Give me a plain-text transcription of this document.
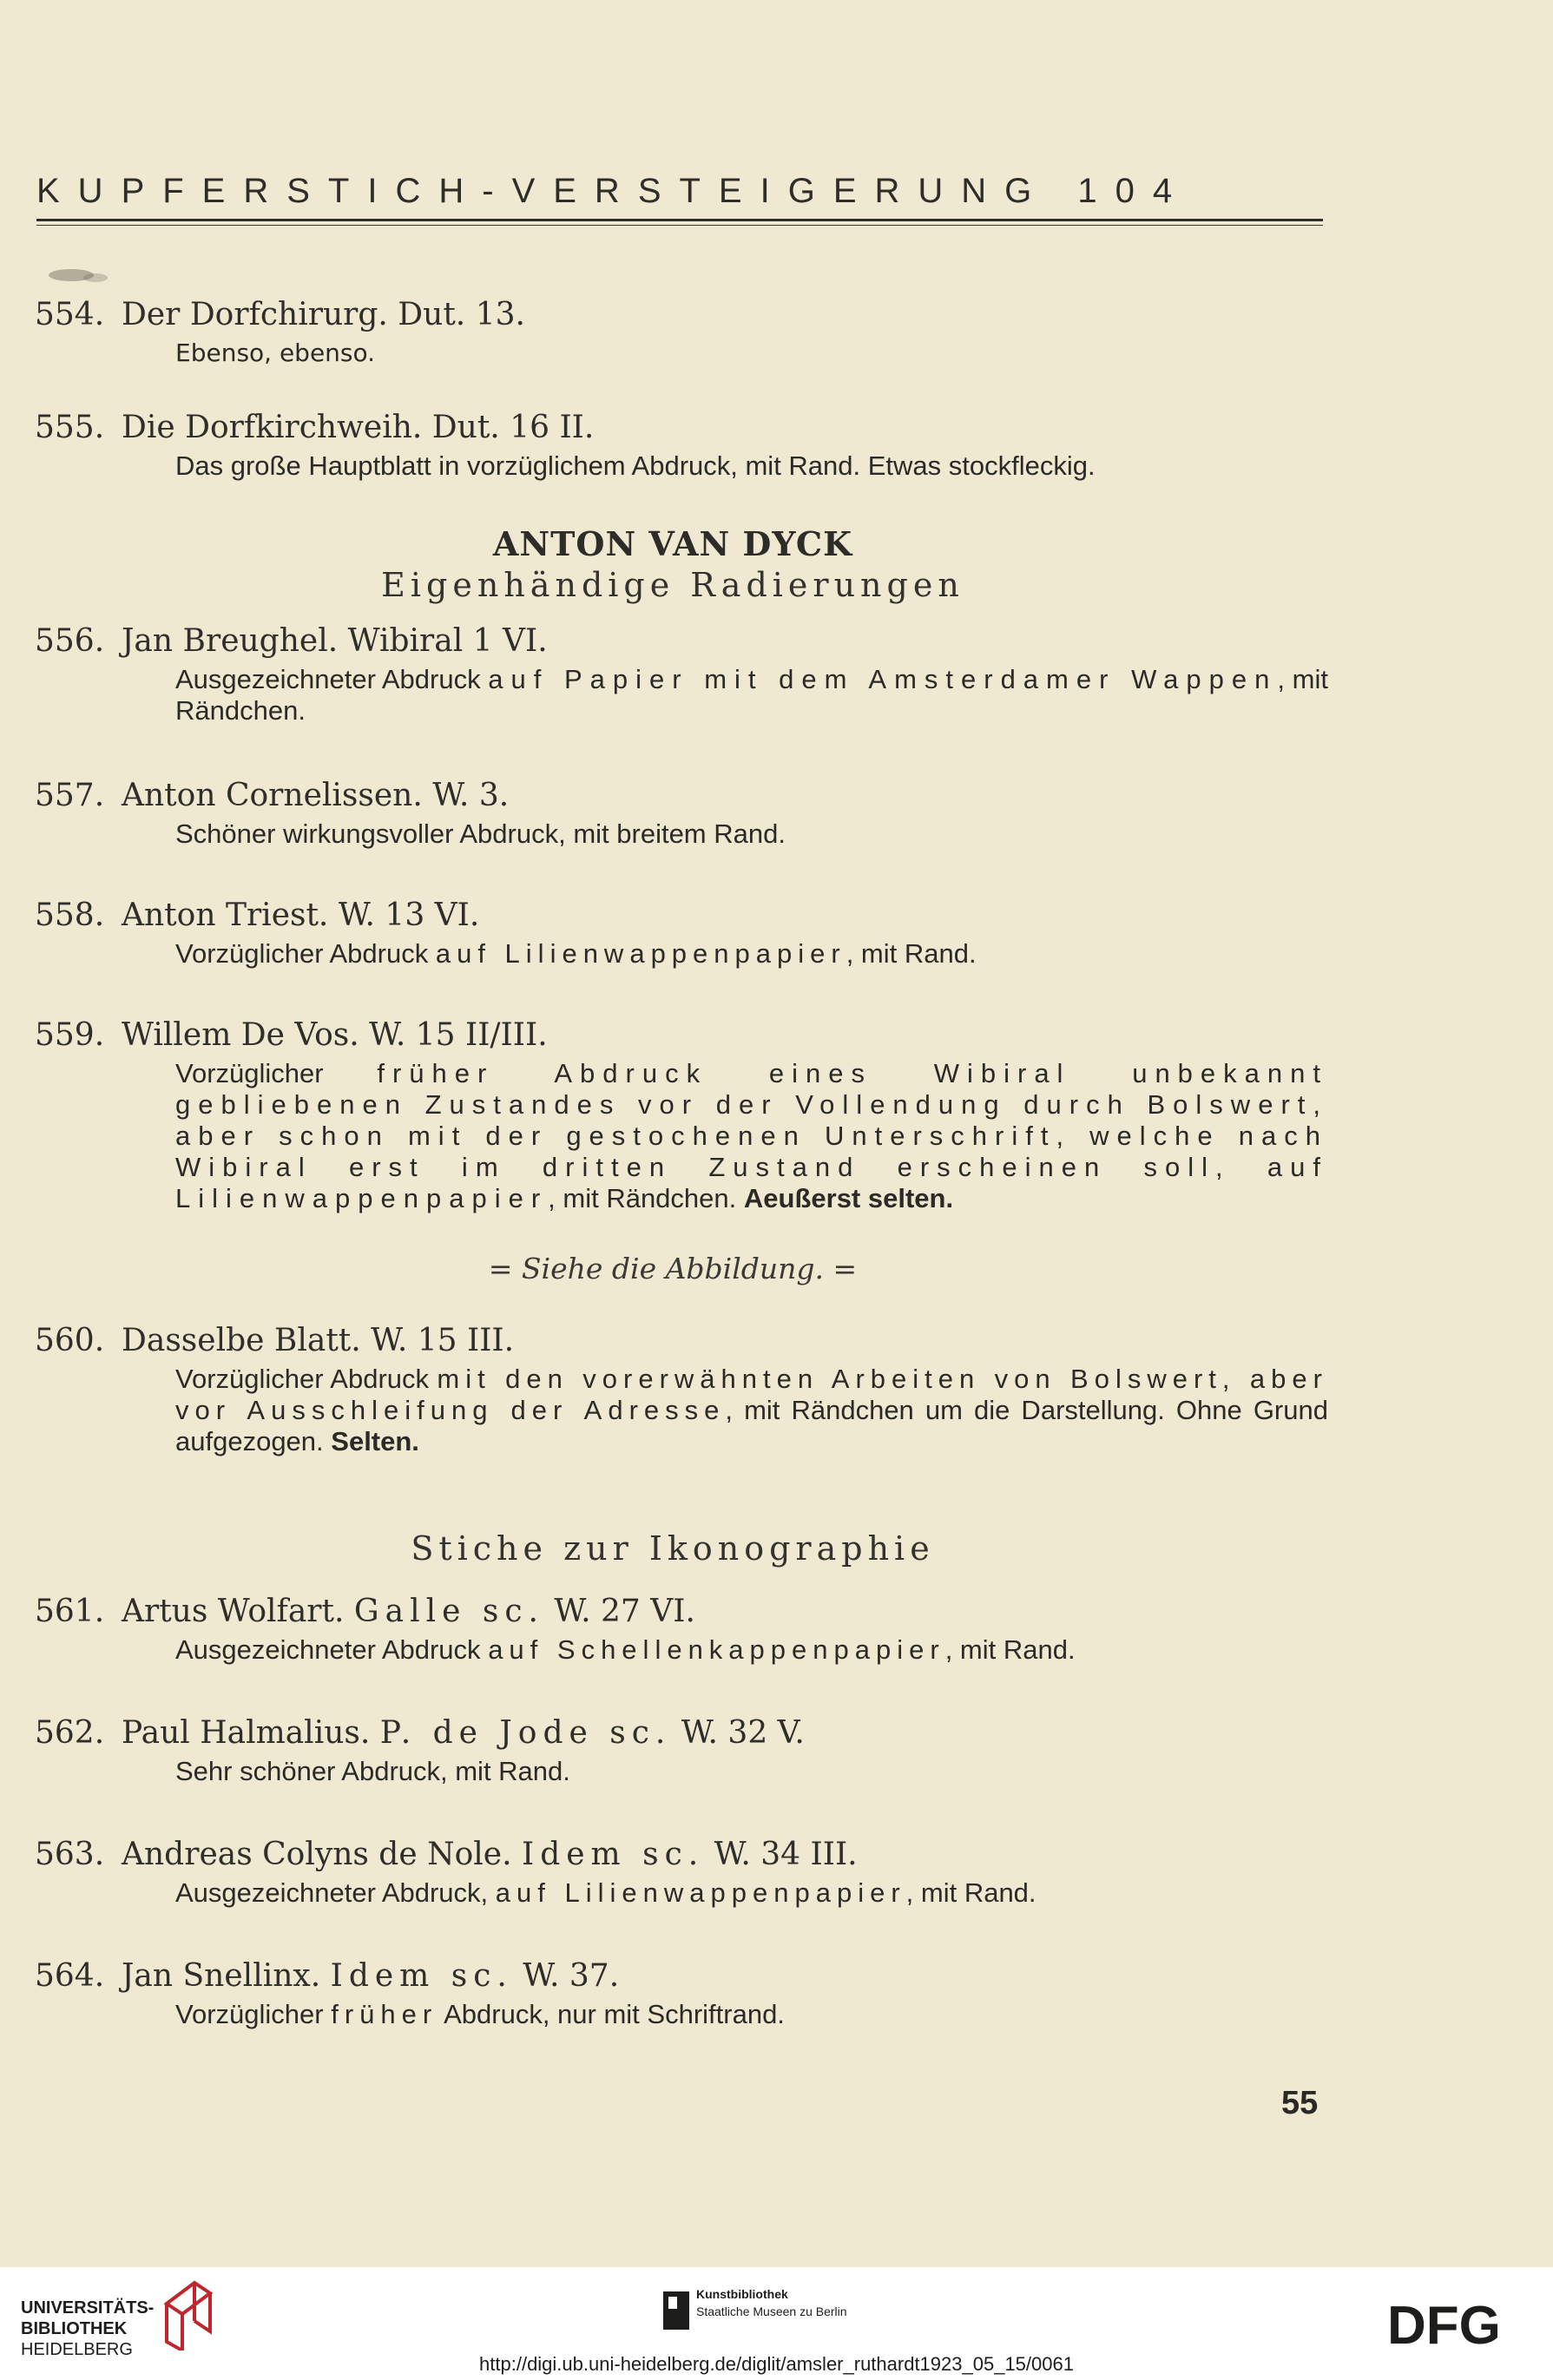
KUPFERSTICH-VERSTEIGERUNG 104
554. Der Dorfchirurg. Dut. 13.
Ebenso, ebenso.
555. Die Dorfkirchweih. Dut. 16 II.
Das große Hauptblatt in vorzüglichem Abdruck, mit Rand. Etwas stockfleckig.
ANTON VAN DYCK
Eigenhändige Radierungen
556. Jan Breughel. Wibiral 1 VI.
Ausgezeichneter Abdruck auf Papier mit dem Amsterdamer Wappen, mit Rändchen.
557. Anton Cornelissen. W. 3.
Schöner wirkungsvoller Abdruck, mit breitem Rand.
558. Anton Triest. W. 13 VI.
Vorzüglicher Abdruck auf Lilienwappenpapier, mit Rand.
559. Willem De Vos. W. 15 II/III.
Vorzüglicher früher Abdruck eines Wibiral unbekannt gebliebenen Zustandes vor der Vollendung durch Bolswert, aber schon mit der gestochenen Unterschrift, welche nach Wibiral erst im dritten Zustand erscheinen soll, auf Lilienwappenpapier, mit Rändchen. Aeußerst selten.
= Siehe die Abbildung. =
560. Dasselbe Blatt. W. 15 III.
Vorzüglicher Abdruck mit den vorerwähnten Arbeiten von Bolswert, aber vor Ausschleifung der Adresse, mit Rändchen um die Darstellung. Ohne Grund aufgezogen. Selten.
Stiche zur Ikonographie
561. Artus Wolfart. Galle sc. W. 27 VI.
Ausgezeichneter Abdruck auf Schellenkappenpapier, mit Rand.
562. Paul Halmalius. P. de Jode sc. W. 32 V.
Sehr schöner Abdruck, mit Rand.
563. Andreas Colyns de Nole. Idem sc. W. 34 III.
Ausgezeichneter Abdruck, auf Lilienwappenpapier, mit Rand.
564. Jan Snellinx. Idem sc. W. 37.
Vorzüglicher früher Abdruck, nur mit Schriftrand.
55
UNIVERSITÄTS-
BIBLIOTHEK
HEIDELBERG
Kunstbibliothek
Staatliche Museen zu Berlin	DFG
http://digi.ub.uni-heidelberg.de/diglit/amsler_ruthardt1923_05_15/0061
